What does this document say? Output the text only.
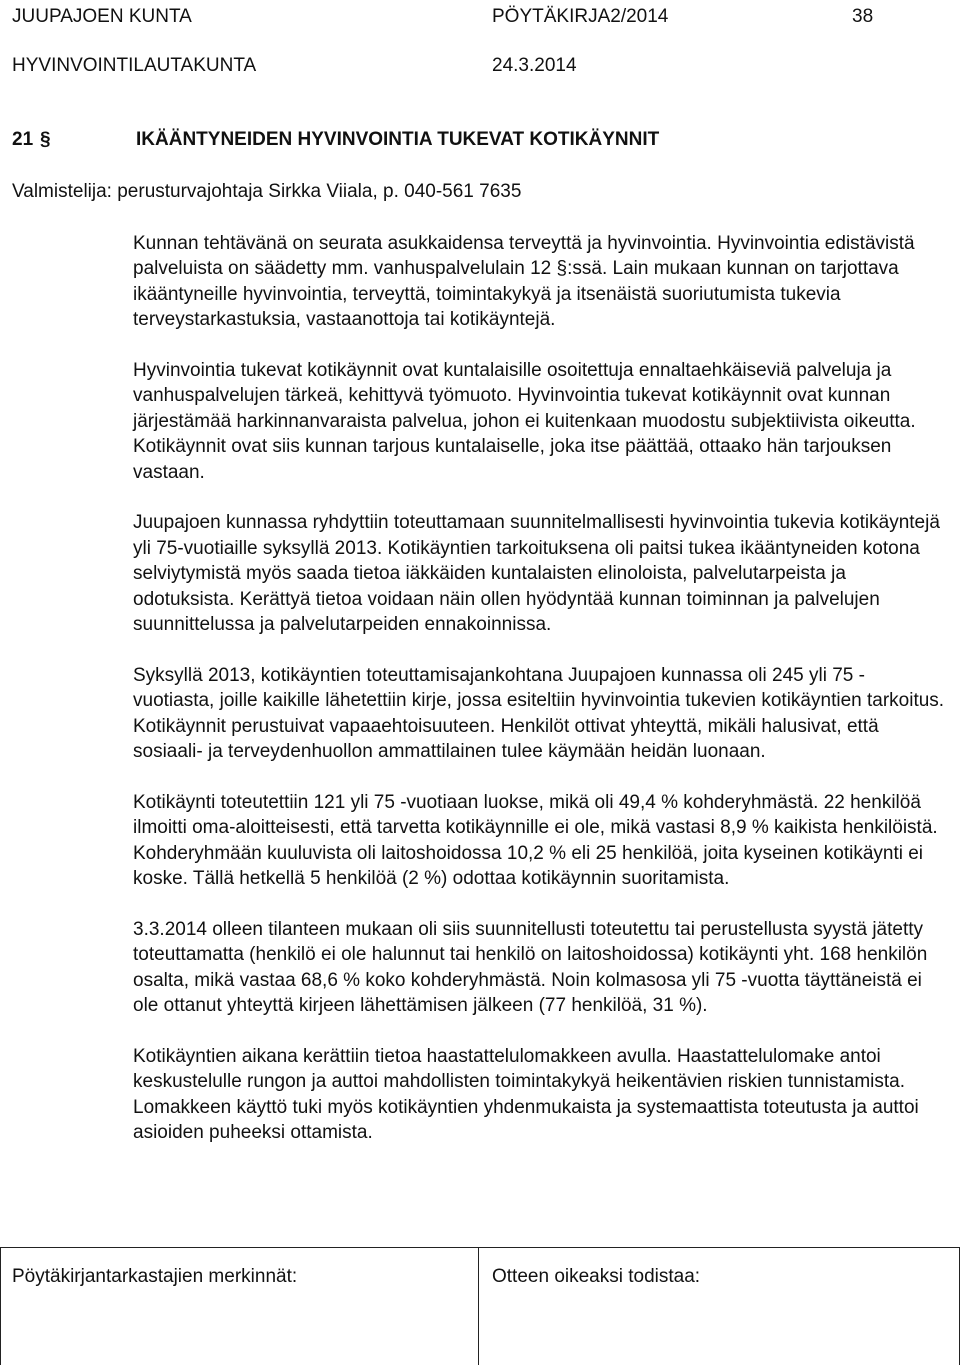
JUUPAJOEN KUNTA	PÖYTÄKIRJA2/2014	38
HYVINVOINTILAUTAKUNTA	24.3.2014
21 §	IKÄÄNTYNEIDEN HYVINVOINTIA TUKEVAT KOTIKÄYNNIT
Valmistelija: perusturvajohtaja Sirkka Viiala, p. 040-561 7635

Kunnan tehtävänä on seurata asukkaidensa terveyttä ja hyvinvointia. Hyvinvointia edistävistä palveluista on säädetty mm. vanhuspalvelulain 12 §:ssä. Lain mukaan kunnan on tarjottava ikääntyneille hyvinvointia, terveyttä, toimintakykyä ja itsenäistä suoriutumista tukevia terveystarkastuksia, vastaanottoja tai kotikäyntejä.

Hyvinvointia tukevat kotikäynnit ovat kuntalaisille osoitettuja ennaltaehkäiseviä palveluja ja vanhuspalvelujen tärkeä, kehittyvä työmuoto. Hyvinvointia tukevat kotikäynnit ovat kunnan järjestämää harkinnanvaraista palvelua, johon ei kuitenkaan muodostu subjektiivista oikeutta. Kotikäynnit ovat siis kunnan tarjous kuntalaiselle, joka itse päättää, ottaako hän tarjouksen vastaan.

Juupajoen kunnassa ryhdyttiin toteuttamaan suunnitelmallisesti hyvinvointia tukevia kotikäyntejä yli 75-vuotiaille syksyllä 2013. Kotikäyntien tarkoituksena oli paitsi tukea ikääntyneiden kotona selviytymistä myös saada tietoa iäkkäiden kuntalaisten elinoloista, palvelutarpeista ja odotuksista. Kerättyä tietoa voidaan näin ollen hyödyntää kunnan toiminnan ja palvelujen suunnittelussa ja palvelutarpeiden ennakoinnissa.

Syksyllä 2013, kotikäyntien toteuttamisajankohtana Juupajoen kunnassa oli 245 yli 75 -vuotiasta, joille kaikille lähetettiin kirje, jossa esiteltiin hyvinvointia tukevien kotikäyntien tarkoitus. Kotikäynnit perustuivat vapaaehtoisuuteen. Henkilöt ottivat yhteyttä, mikäli halusivat, että sosiaali- ja terveydenhuollon ammattilainen tulee käymään heidän luonaan.

Kotikäynti toteutettiin 121 yli 75 -vuotiaan luokse, mikä oli 49,4 % kohderyhmästä. 22 henkilöä ilmoitti oma-aloitteisesti, että tarvetta kotikäynnille ei ole, mikä vastasi 8,9 % kaikista henkilöistä. Kohderyhmään kuuluvista oli laitoshoidossa 10,2 % eli 25 henkilöä, joita kyseinen kotikäynti ei koske. Tällä hetkellä 5 henkilöä (2 %) odottaa kotikäynnin suoritamista.

3.3.2014 olleen tilanteen mukaan oli siis suunnitellusti toteutettu tai perustellusta syystä jätetty toteuttamatta (henkilö ei ole halunnut tai henkilö on laitoshoidossa) kotikäynti yht. 168 henkilön osalta, mikä vastaa 68,6 % koko kohderyhmästä. Noin kolmasosa yli 75 -vuotta täyttäneistä ei ole ottanut yhteyttä kirjeen lähettämisen jälkeen (77 henkilöä, 31 %).

Kotikäyntien aikana kerättiin tietoa haastattelulomakkeen avulla. Haastattelulomake antoi keskustelulle rungon ja auttoi mahdollisten toimintakykyä heikentävien riskien tunnistamista. Lomakkeen käyttö tuki myös kotikäyntien yhdenmukaista ja systemaattista toteutusta ja auttoi asioiden puheeksi ottamista.

Pöytäkirjantarkastajien merkinnät:	Otteen oikeaksi todistaa:
